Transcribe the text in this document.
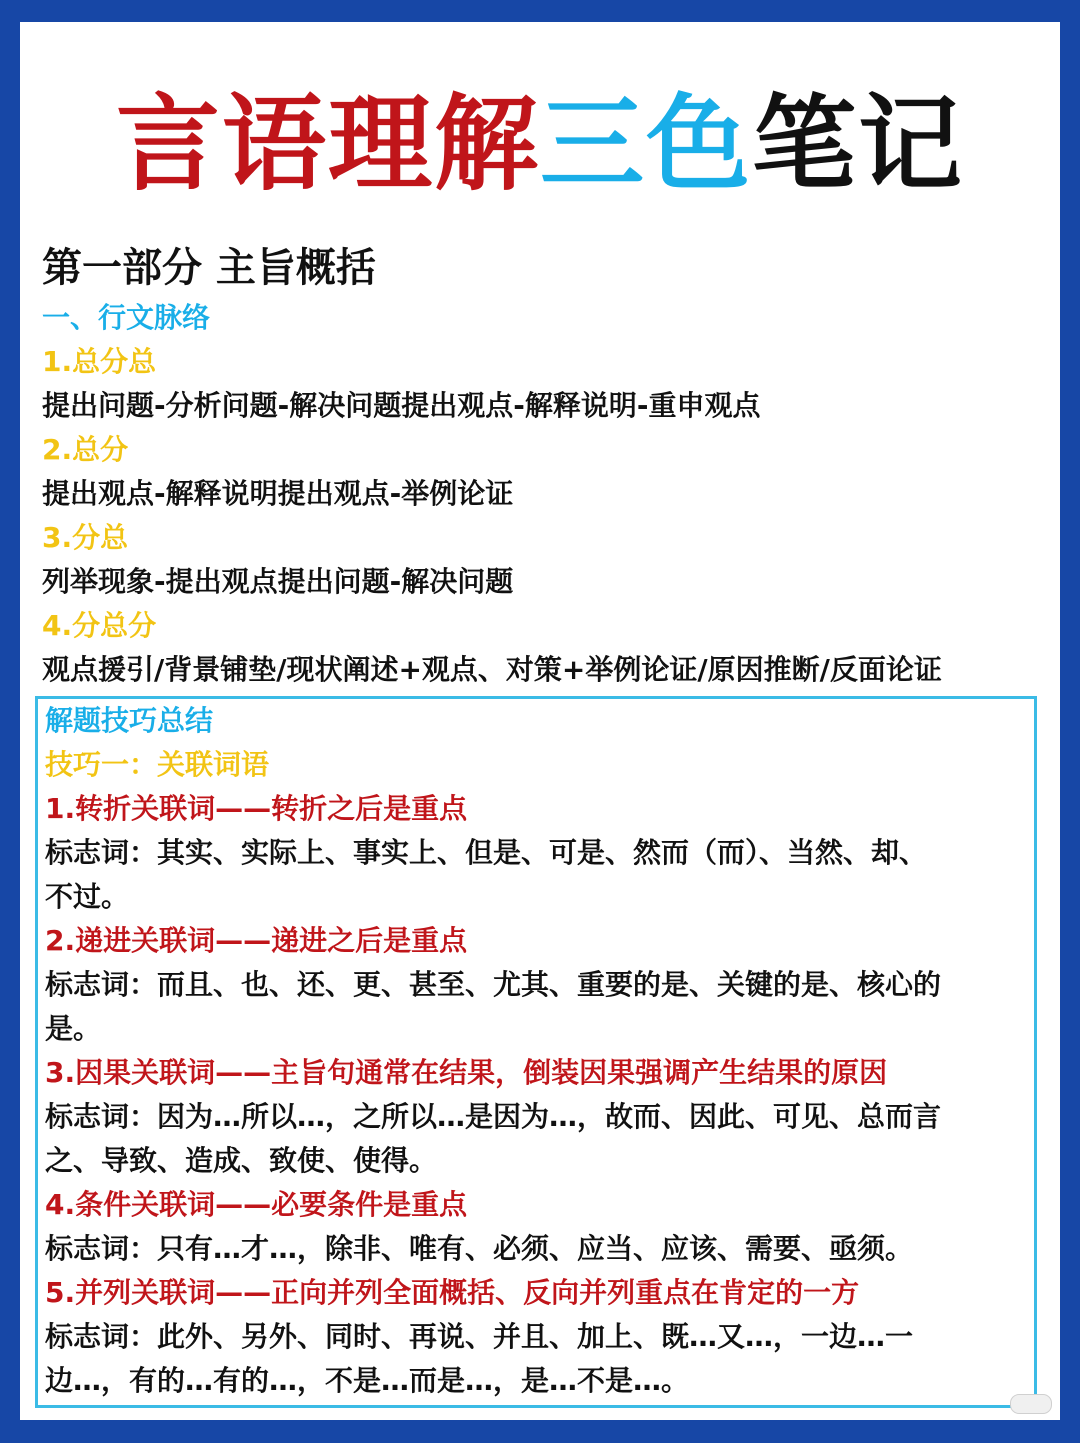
言语理解三色笔记
第一部分 主旨概括
一、行文脉络
1.总分总
提出问题-分析问题-解决问题提出观点-解释说明-重申观点
2.总分
提出观点-解释说明提出观点-举例论证
3.分总
列举现象-提出观点提出问题-解决问题
4.分总分
观点援引/背景铺垫/现状阐述+观点、对策+举例论证/原因推断/反面论证
解题技巧总结
技巧一：关联词语
1.转折关联词——转折之后是重点
标志词：其实、实际上、事实上、但是、可是、然而（而）、当然、却、
不过。
2.递进关联词——递进之后是重点
标志词：而且、也、还、更、甚至、尤其、重要的是、关键的是、核心的
是。
3.因果关联词——主旨句通常在结果，倒装因果强调产生结果的原因
标志词：因为…所以…，之所以…是因为…，故而、因此、可见、总而言
之、导致、造成、致使、使得。
4.条件关联词——必要条件是重点
标志词：只有…才…，除非、唯有、必须、应当、应该、需要、亟须。
5.并列关联词——正向并列全面概括、反向并列重点在肯定的一方
标志词：此外、另外、同时、再说、并且、加上、既…又…，一边…一
边…，有的…有的…，不是…而是…，是…不是…。
